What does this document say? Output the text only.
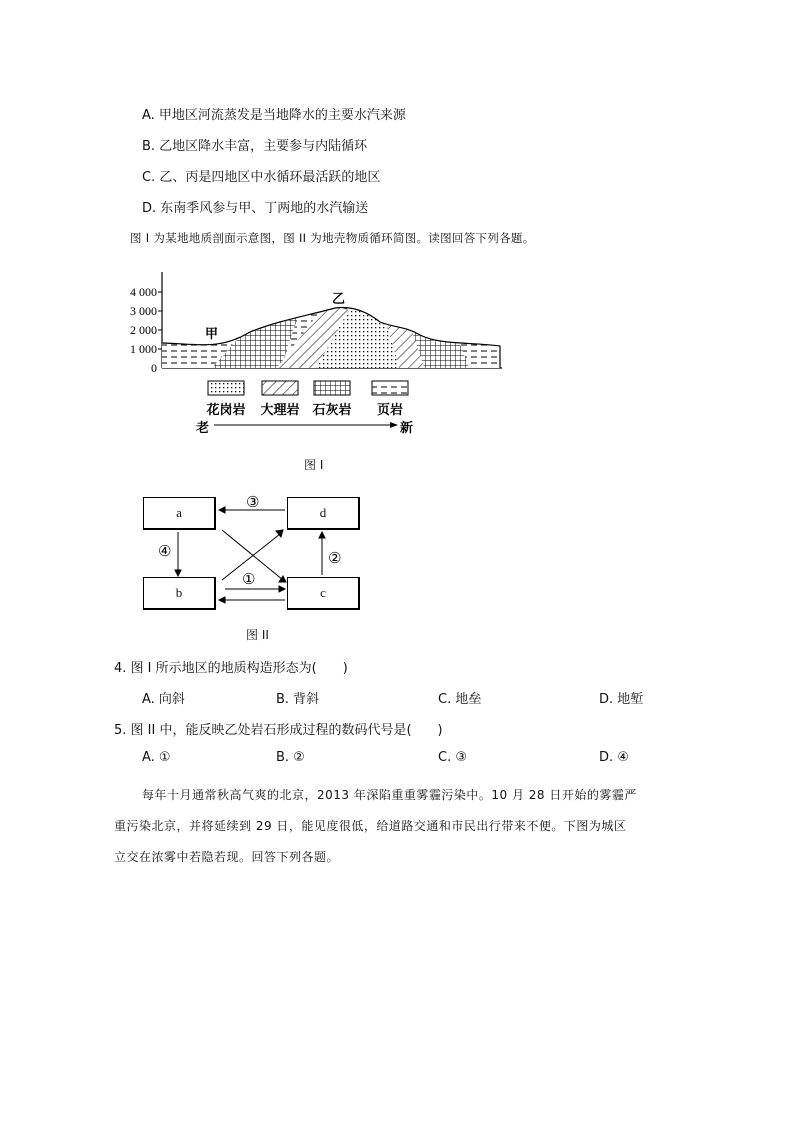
A. 甲地区河流蒸发是当地降水的主要水汽来源
B. 乙地区降水丰富，主要参与内陆循环
C. 乙、丙是四地区中水循环最活跃的地区
D. 东南季风参与甲、丁两地的水汽输送
图 I 为某地地质剖面示意图，图 II 为地壳物质循环简图。读图回答下列各题。
4 000
3 000
2 000
1 000
0
甲
乙
花岗岩 大理岩 石灰岩 页岩
老	新
图 I
a	d
b	c
③
④	②
①
图 II
4. 图 I 所示地区的地质构造形态为(　　)
A. 向斜	B. 背斜	C. 地垒	D. 地堑
5. 图 II 中，能反映乙处岩石形成过程的数码代号是(　　)
A. ①	B. ②	C. ③	D. ④
每年十月通常秋高气爽的北京，2013 年深陷重重雾霾污染中。10 月 28 日开始的雾霾严
重污染北京，并将延续到 29 日，能见度很低，给道路交通和市民出行带来不便。下图为城区
立交在浓雾中若隐若现。回答下列各题。
